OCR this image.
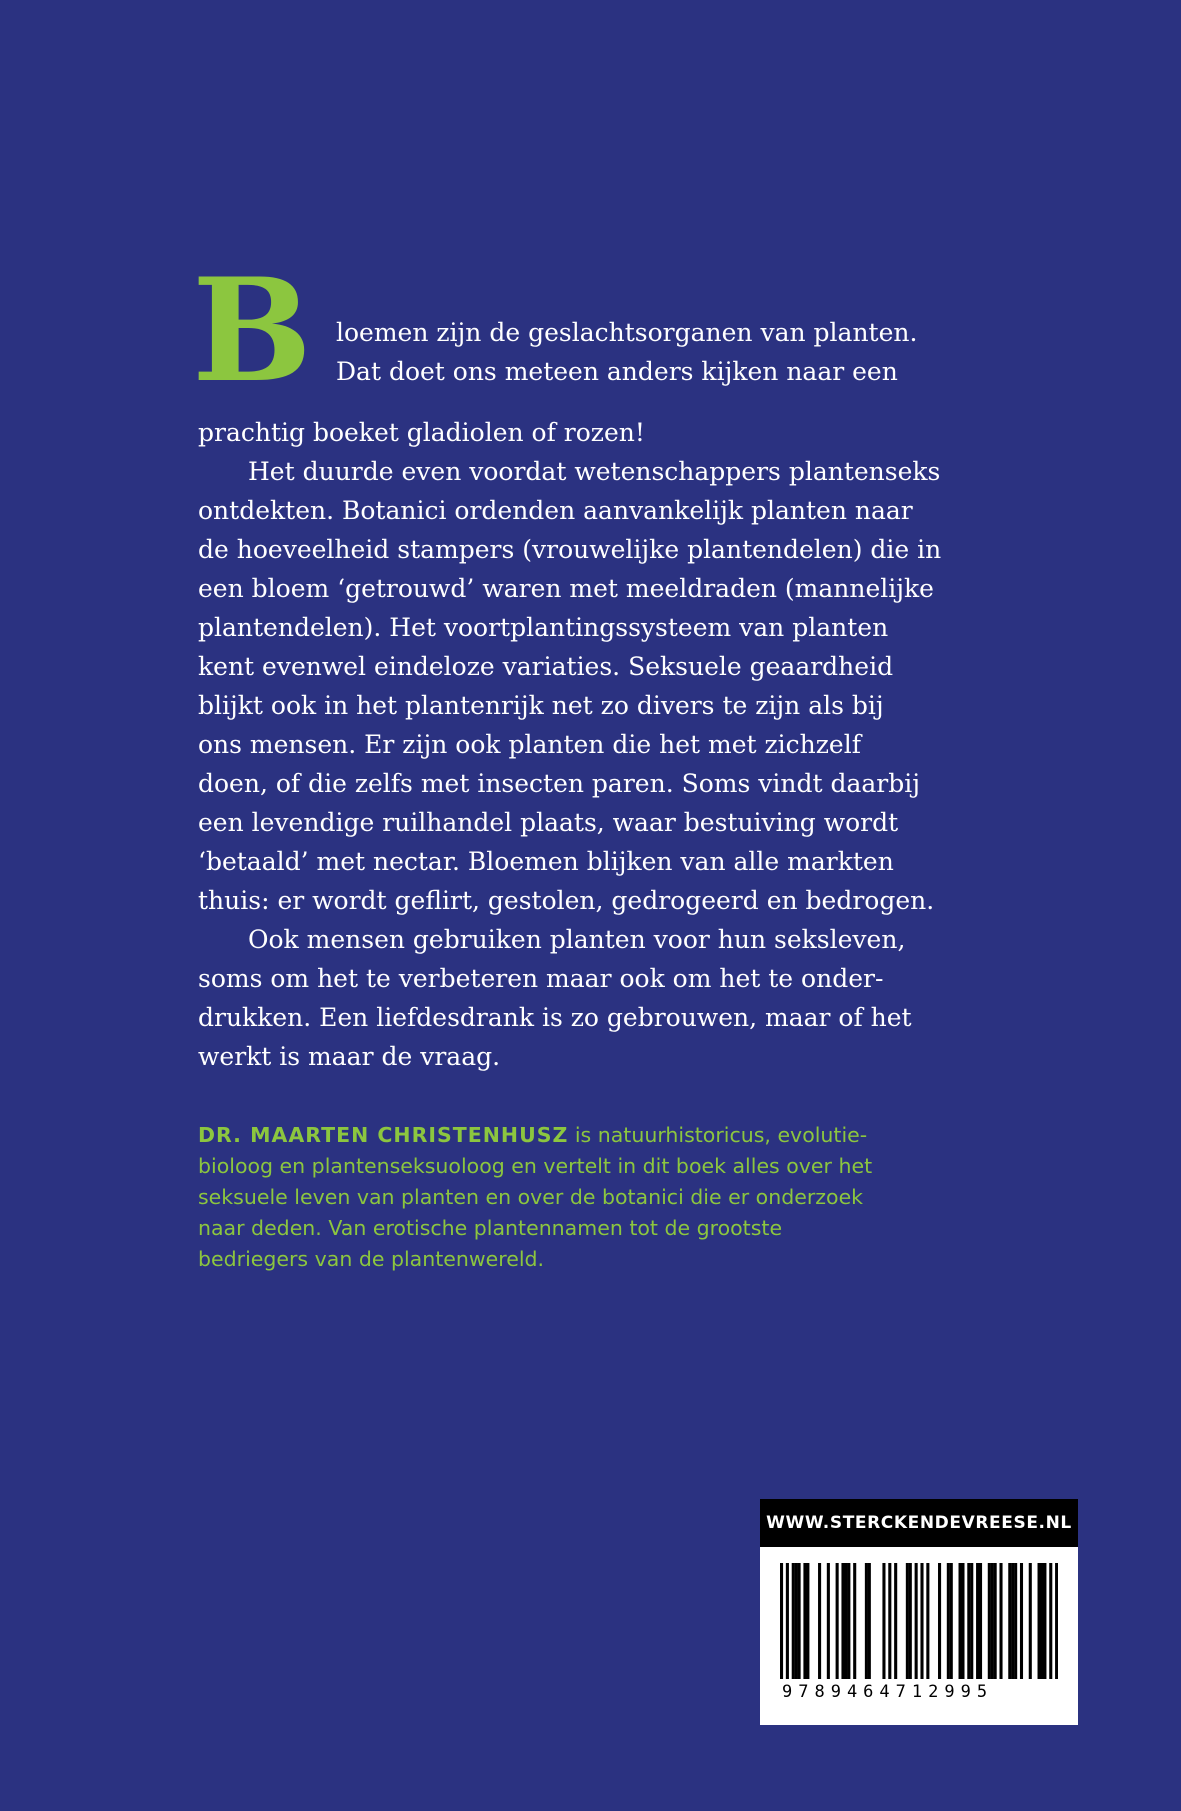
B loemen zijn de geslachtsorganen van planten.
Dat doet ons meteen anders kijken naar een
prachtig boeket gladiolen of rozen!
Het duurde even voordat wetenschappers plantenseks
ontdekten. Botanici ordenden aanvankelijk planten naar
de hoeveelheid stampers (vrouwelijke plantendelen) die in
een bloem ‘getrouwd’ waren met meeldraden (mannelijke
plantendelen). Het voortplantingssysteem van planten
kent evenwel eindeloze variaties. Seksuele geaardheid
blijkt ook in het plantenrijk net zo divers te zijn als bij
ons mensen. Er zijn ook planten die het met zichzelf
doen, of die zelfs met insecten paren. Soms vindt daarbij
een levendige ruilhandel plaats, waar bestuiving wordt
‘betaald’ met nectar. Bloemen blijken van alle markten
thuis: er wordt geflirt, gestolen, gedrogeerd en bedrogen.
Ook mensen gebruiken planten voor hun seksleven,
soms om het te verbeteren maar ook om het te onder-
drukken. Een liefdesdrank is zo gebrouwen, maar of het
werkt is maar de vraag.
DR. MAARTEN CHRISTENHUSZ is natuurhistoricus, evolutie-
bioloog en plantenseksuoloog en vertelt in dit boek alles over het
seksuele leven van planten en over de botanici die er onderzoek
naar deden. Van erotische plantennamen tot de grootste
bedriegers van de plantenwereld.
WWW.STERCKENDEVREESE.NL
9789464712995
